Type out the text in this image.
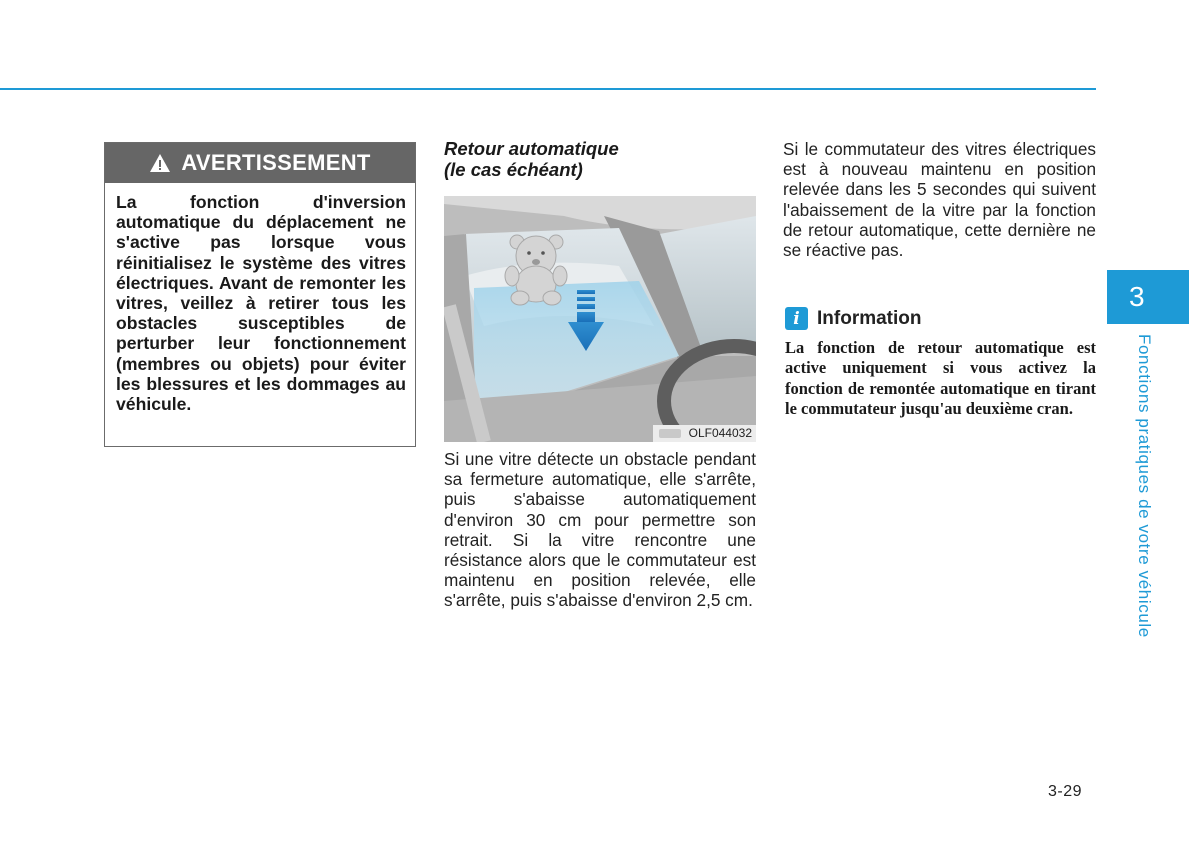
AVERTISSEMENT
La fonction d'inversion automatique du déplacement ne s'active pas lorsque vous réinitialisez le système des vitres électriques. Avant de remonter les vitres, veillez à retirer tous les obstacles susceptibles de perturber leur fonctionnement (membres ou objets) pour éviter les blessures et les dommages au véhicule.
Retour automatique
(le cas échéant)
OLF044032
Si une vitre détecte un obstacle pendant sa fermeture automatique, elle s'arrête, puis s'abaisse automatiquement d'environ 30 cm pour permettre son retrait. Si la vitre rencontre une résistance alors que le commutateur est maintenu en position relevée, elle s'arrête, puis s'abaisse d'environ 2,5 cm.
Si le commutateur des vitres électriques est à nouveau maintenu en position relevée dans les 5 secondes qui suivent l'abaissement de la vitre par la fonction de retour automatique, cette dernière ne se réactive pas.
i Information
La fonction de retour automatique est active uniquement si vous activez la fonction de remontée automatique en tirant le commutateur jusqu'au deuxième cran.
3
Fonctions pratiques de votre véhicule
3-29
